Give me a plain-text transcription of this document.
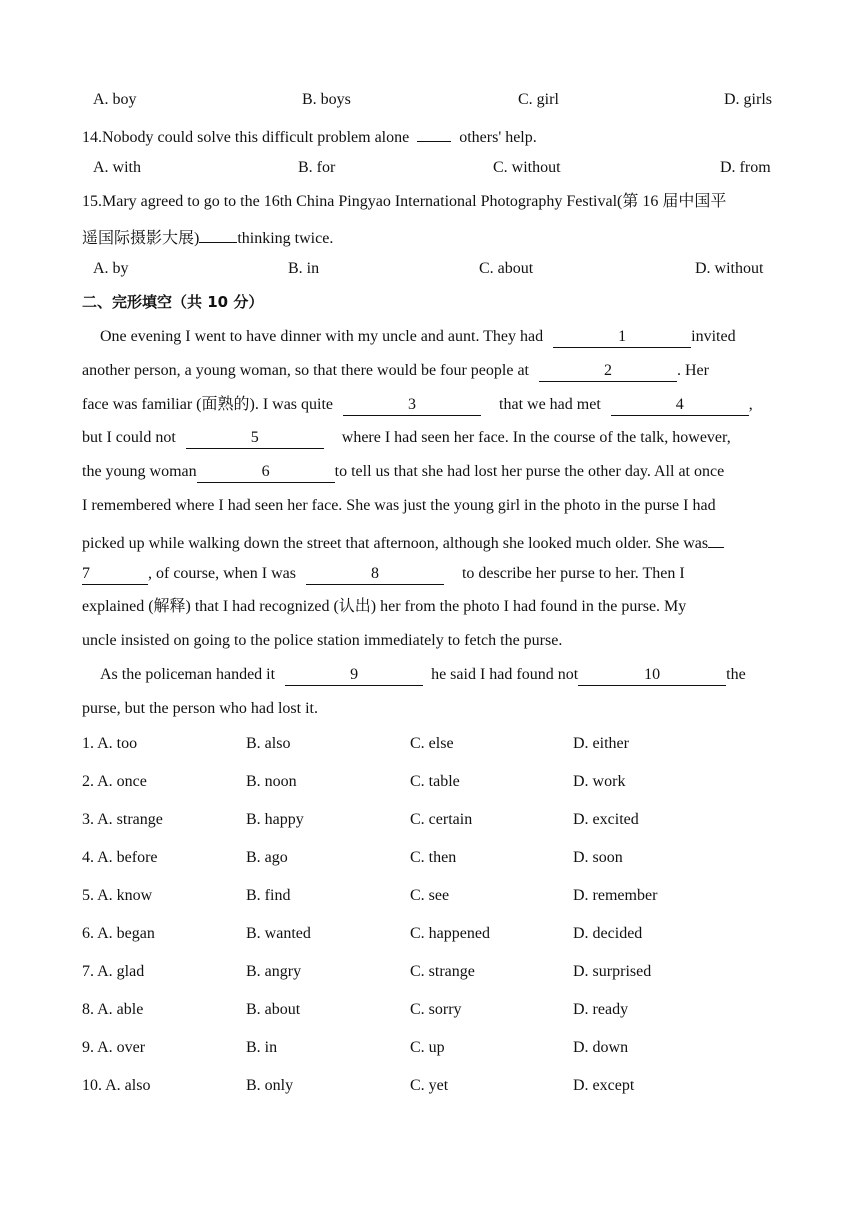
A. boy	B. boys	C. girl	D. girls
14.Nobody could solve this difficult problem alone	others' help.
A. with	B. for	C. without	D. from
15.Mary agreed to go to the 16th China Pingyao International Photography Festival(第 16 届中国平
遥国际摄影大展) thinking twice.
A. by	B. in	C. about	D. without
二、完形填空（共 10 分）
One evening I went to have dinner with my uncle and aunt. They had	1	invited
another person, a young woman, so that there would be four people at	2	. Her
face was familiar (面熟的). I was quite	3	that we had met	4	,
but I could not	5	where I had seen her face. In the course of the talk, however,
the young woman	6	to tell us that she had lost her purse the other day. All at once
I remembered where I had seen her face. She was just the young girl in the photo in the purse I had
picked up while walking down the street that afternoon, although she looked much older. She was
7	, of course, when I was	8	to describe her purse to her. Then I
explained (解释) that I had recognized (认出) her from the photo I had found in the purse. My
uncle insisted on going to the police station immediately to fetch the purse.
As the policeman handed it	9	he said I had found not	10	the
purse, but the person who had lost it.
1. A. too	B. also	C. else	D. either
2. A. once	B. noon	C. table	D. work
3. A. strange	B. happy	C. certain	D. excited
4. A. before	B. ago	C. then	D. soon
5. A. know	B. find	C. see	D. remember
6. A. began	B. wanted	C. happened	D. decided
7. A. glad	B. angry	C. strange	D. surprised
8. A. able	B. about	C. sorry	D. ready
9. A. over	B. in	C. up	D. down
10. A. also	B. only	C. yet	D. except
